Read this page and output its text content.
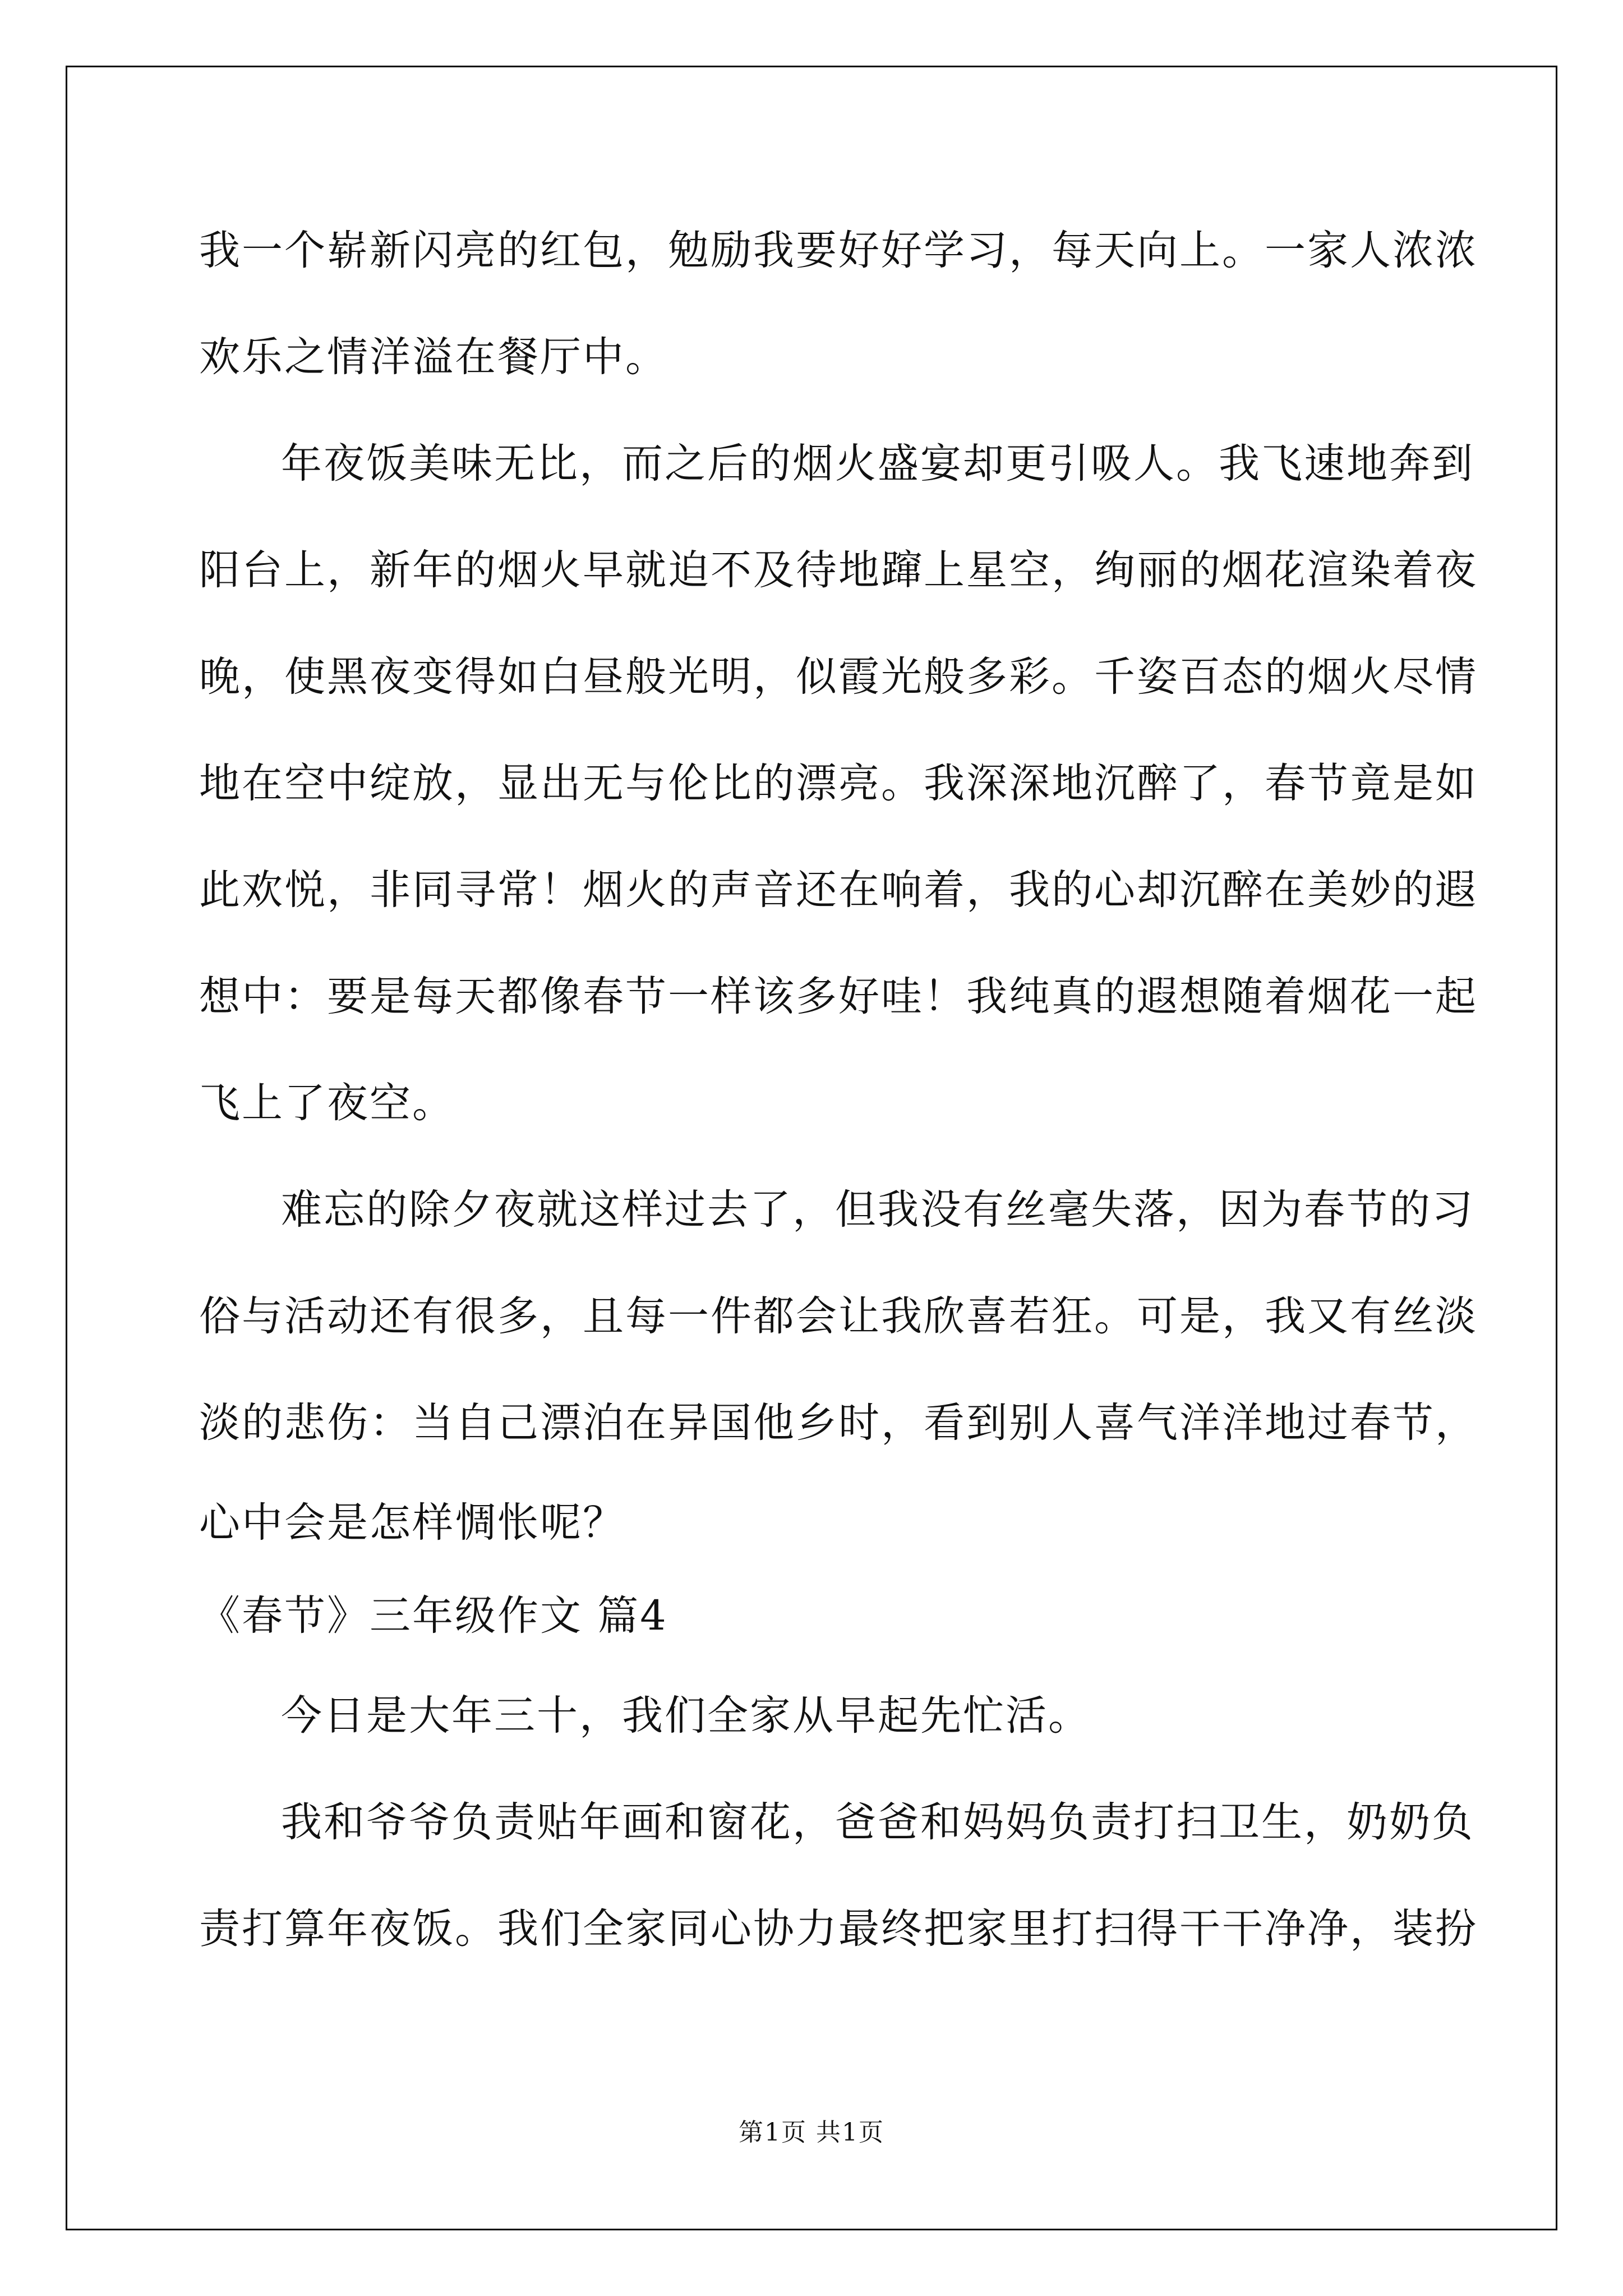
我一个崭新闪亮的红包，勉励我要好好学习，每天向上。一家人浓浓
欢乐之情洋溢在餐厅中。
年夜饭美味无比，而之后的烟火盛宴却更引吸人。我飞速地奔到
阳台上，新年的烟火早就迫不及待地蹿上星空，绚丽的烟花渲染着夜
晚，使黑夜变得如白昼般光明，似霞光般多彩。千姿百态的烟火尽情
地在空中绽放，显出无与伦比的漂亮。我深深地沉醉了，春节竟是如
此欢悦，非同寻常！烟火的声音还在响着，我的心却沉醉在美妙的遐
想中：要是每天都像春节一样该多好哇！我纯真的遐想随着烟花一起
飞上了夜空。
难忘的除夕夜就这样过去了，但我没有丝毫失落，因为春节的习
俗与活动还有很多，且每一件都会让我欣喜若狂。可是，我又有丝淡
淡的悲伤：当自己漂泊在异国他乡时，看到别人喜气洋洋地过春节，
心中会是怎样惆怅呢？
《春节》三年级作文 篇4
今日是大年三十，我们全家从早起先忙活。
我和爷爷负责贴年画和窗花，爸爸和妈妈负责打扫卫生，奶奶负
责打算年夜饭。我们全家同心协力最终把家里打扫得干干净净，装扮
第1页 共1页
